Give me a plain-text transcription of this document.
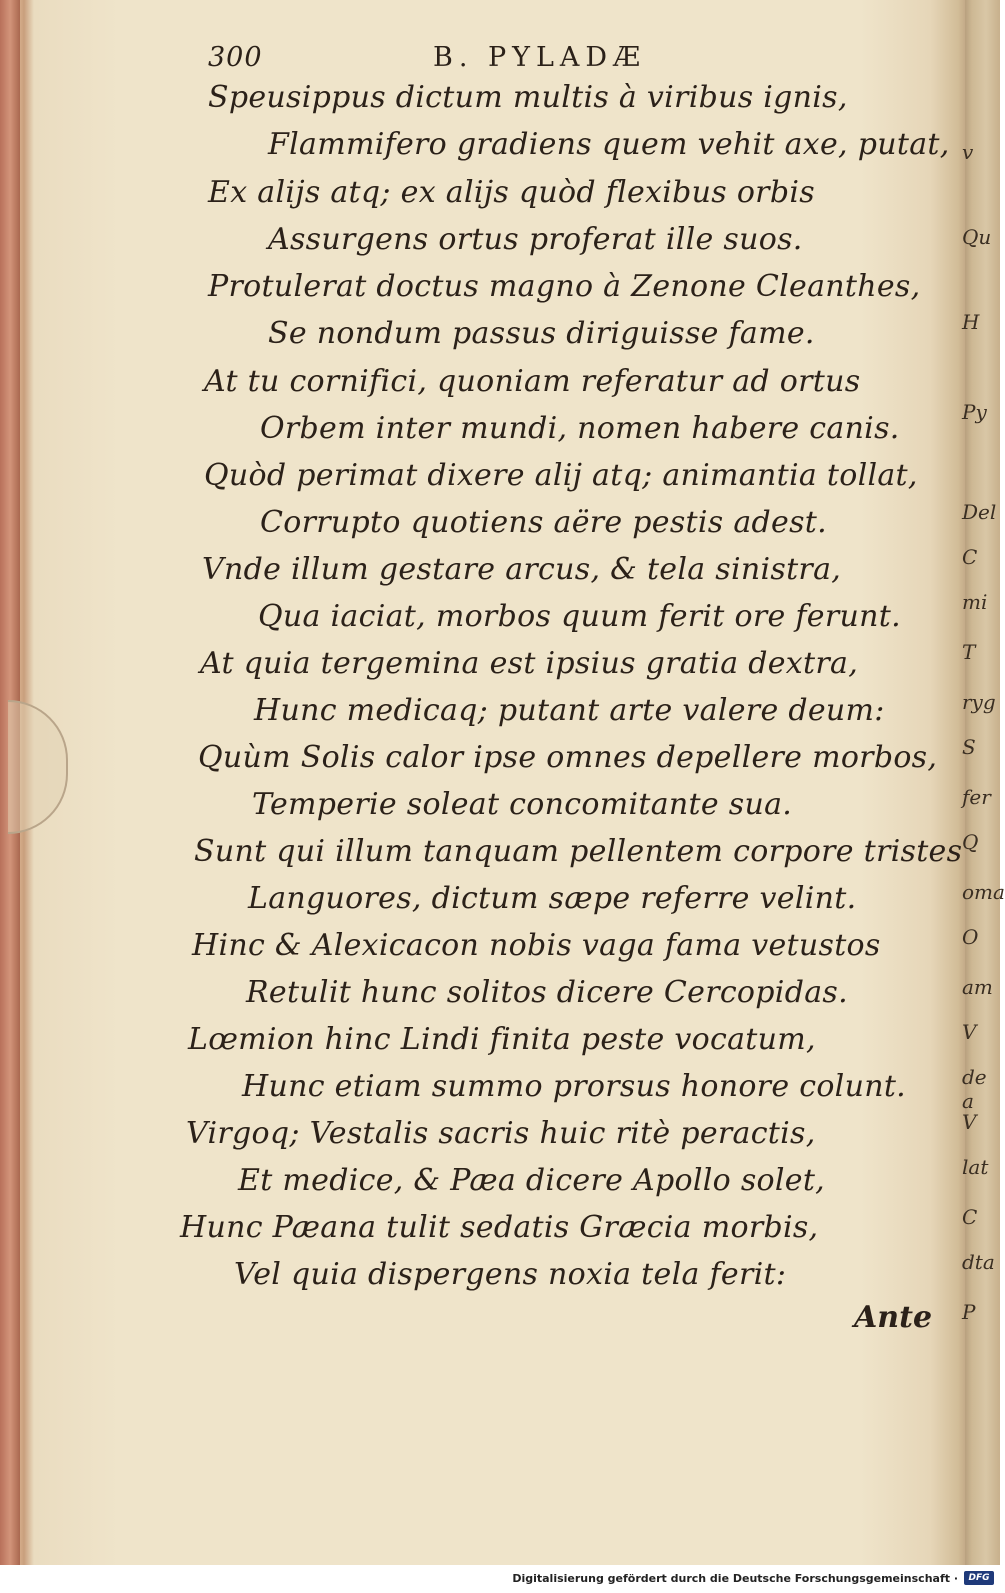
300	B. PYLADÆ
Speusippus dictum multis à viribus ignis,
Flammifero gradiens quem vehit axe, putat,
Ex alijs atq; ex alijs quòd flexibus orbis
Assurgens ortus proferat ille suos.
Protulerat doctus magno à Zenone Cleanthes,
Se nondum passus diriguisse fame.
At tu cornifici, quoniam referatur ad ortus
Orbem inter mundi, nomen habere canis.
Quòd perimat dixere alij atq; animantia tollat,
Corrupto quotiens aëre pestis adest.
Vnde illum gestare arcus, & tela sinistra,
Qua iaciat, morbos quum ferit ore ferunt.
At quia tergemina est ipsius gratia dextra,
Hunc medicaq; putant arte valere deum:
Quùm Solis calor ipse omnes depellere morbos,
Temperie soleat concomitante sua.
Sunt qui illum tanquam pellentem corpore tristes
Languores, dictum sæpe referre velint.
Hinc & Alexicacon nobis vaga fama vetustos
Retulit hunc solitos dicere Cercopidas.
Lœmion hinc Lindi finita peste vocatum,
Hunc etiam summo prorsus honore colunt.
Virgoq; Vestalis sacris huic ritè peractis,
Et medice, & Pæa dicere Apollo solet,
Hunc Pæana tulit sedatis Græcia morbis,
Vel quia dispergens noxia tela ferit:
Ante
v
Qu
H
Py
Del
C
mi
T
ryg
S
fer
Q
oma
O
am
V
de a
V
lat
C
dta
P
Digitalisierung gefördert durch die Deutsche Forschungsgemeinschaft ·	DFG
